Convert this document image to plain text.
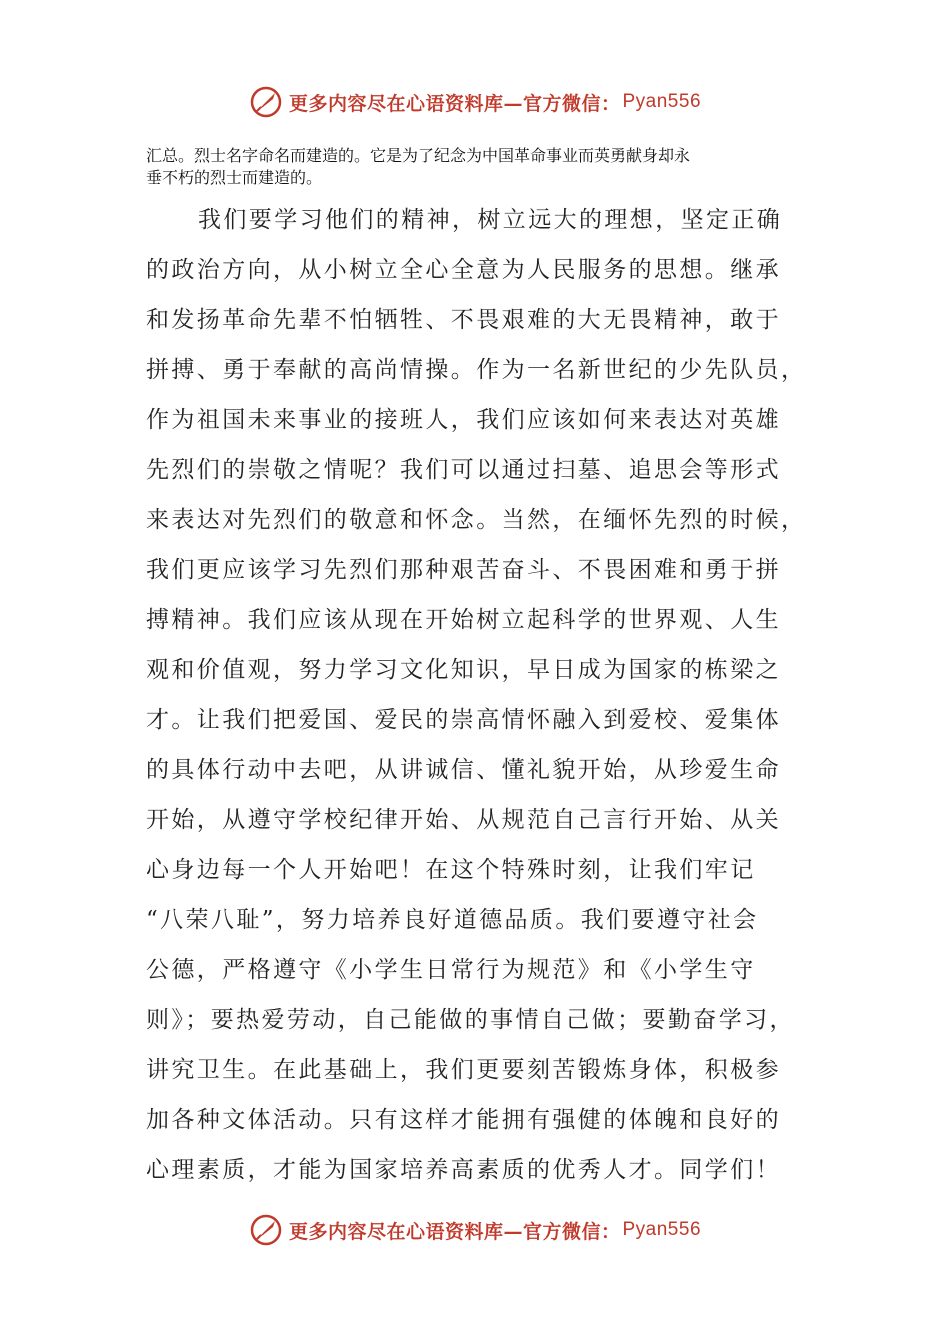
更多内容尽在心语资料库—官方微信： Pyan556
汇总。烈士名字命名而建造的。它是为了纪念为中国革命事业而英勇献身却永
垂不朽的烈士而建造的。
我们要学习他们的精神，树立远大的理想，坚定正确
的政治方向，从小树立全心全意为人民服务的思想。继承
和发扬革命先辈不怕牺牲、不畏艰难的大无畏精神，敢于
拼搏、勇于奉献的高尚情操。作为一名新世纪的少先队员，
作为祖国未来事业的接班人，我们应该如何来表达对英雄
先烈们的崇敬之情呢？我们可以通过扫墓、追思会等形式
来表达对先烈们的敬意和怀念。当然，在缅怀先烈的时候，
我们更应该学习先烈们那种艰苦奋斗、不畏困难和勇于拼
搏精神。我们应该从现在开始树立起科学的世界观、人生
观和价值观，努力学习文化知识，早日成为国家的栋梁之
才。让我们把爱国、爱民的崇高情怀融入到爱校、爱集体
的具体行动中去吧，从讲诚信、懂礼貌开始，从珍爱生命
开始，从遵守学校纪律开始、从规范自己言行开始、从关
心身边每一个人开始吧！在这个特殊时刻，让我们牢记
“八荣八耻”，努力培养良好道德品质。我们要遵守社会
公德，严格遵守《小学生日常行为规范》和《小学生守
则》；要热爱劳动，自己能做的事情自己做；要勤奋学习，
讲究卫生。在此基础上，我们更要刻苦锻炼身体，积极参
加各种文体活动。只有这样才能拥有强健的体魄和良好的
心理素质，才能为国家培养高素质的优秀人才。同学们！
更多内容尽在心语资料库—官方微信： Pyan556
